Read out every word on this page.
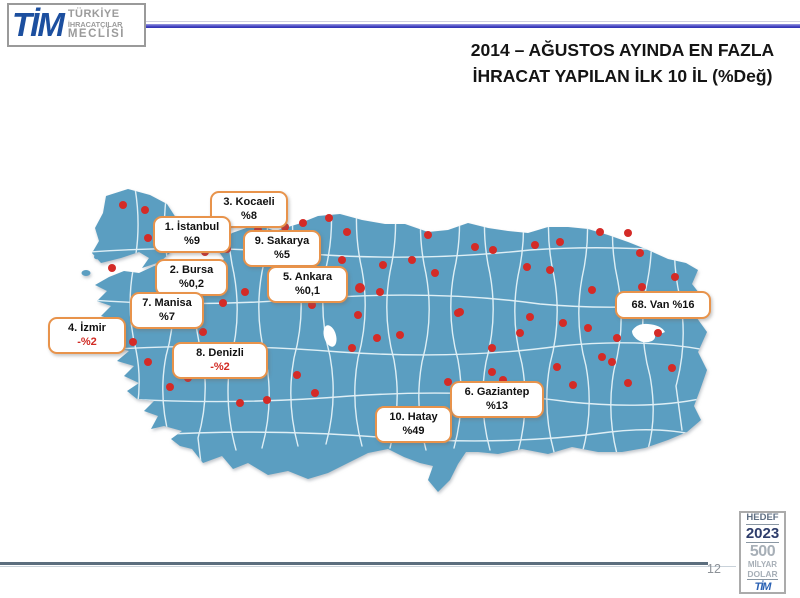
TİM TÜRKİYE
İHRACATÇILAR
MECLİSİ
2014 – AĞUSTOS AYINDA EN FAZLA
İHRACAT YAPILAN İLK 10 İL (%Değ)
3. Kocaeli
%8
1. İstanbul
%9	9. Sakarya
%5
2. Bursa
%0,2
5. Ankara
%0,1
7. Manisa
%7
4. İzmir
-%2
8. Denizli
-%2
68. Van %16
6. Gaziantep
%13
10. Hatay
%49
12
HEDEF
2023
500
MİLYAR
DOLAR
TİM
